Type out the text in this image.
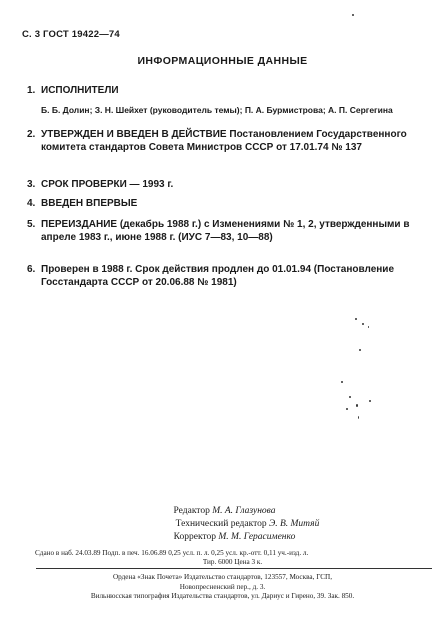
С. 3 ГОСТ 19422—74
ИНФОРМАЦИОННЫЕ ДАННЫЕ
1. ИСПОЛНИТЕЛИ
Б. Б. Долин; З. Н. Шейхет (руководитель темы); П. А. Бурмистрова; А. П. Сергегина
2. УТВЕРЖДЕН И ВВЕДЕН В ДЕЙСТВИЕ Постановлением Государственного комитета стандартов Совета Министров СССР от 17.01.74 № 137
3. СРОК ПРОВЕРКИ — 1993 г.
4. ВВЕДЕН ВПЕРВЫЕ
5. ПЕРЕИЗДАНИЕ (декабрь 1988 г.) с Изменениями № 1, 2, утвержденными в апреле 1983 г., июне 1988 г. (ИУС 7—83, 10—88)
6. Проверен в 1988 г. Срок действия продлен до 01.01.94 (Постановление Госстандарта СССР от 20.06.88 № 1981)
Редактор М. А. Глазунова
Технический редактор Э. В. Митяй
Корректор М. М. Герасименко
Сдано в наб. 24.03.89 Подп. в печ. 16.06.89 0,25 усл. п. л. 0,25 усл. кр.-отт. 0,11 уч.-изд. л.
Тир. 6000 Цена 3 к.
Ордена «Знак Почета» Издательство стандартов, 123557, Москва, ГСП,
Новопресненский пер., д. 3.
Вильнюсская типография Издательства стандартов, ул. Дариус и Гирено, 39. Зак. 850.
